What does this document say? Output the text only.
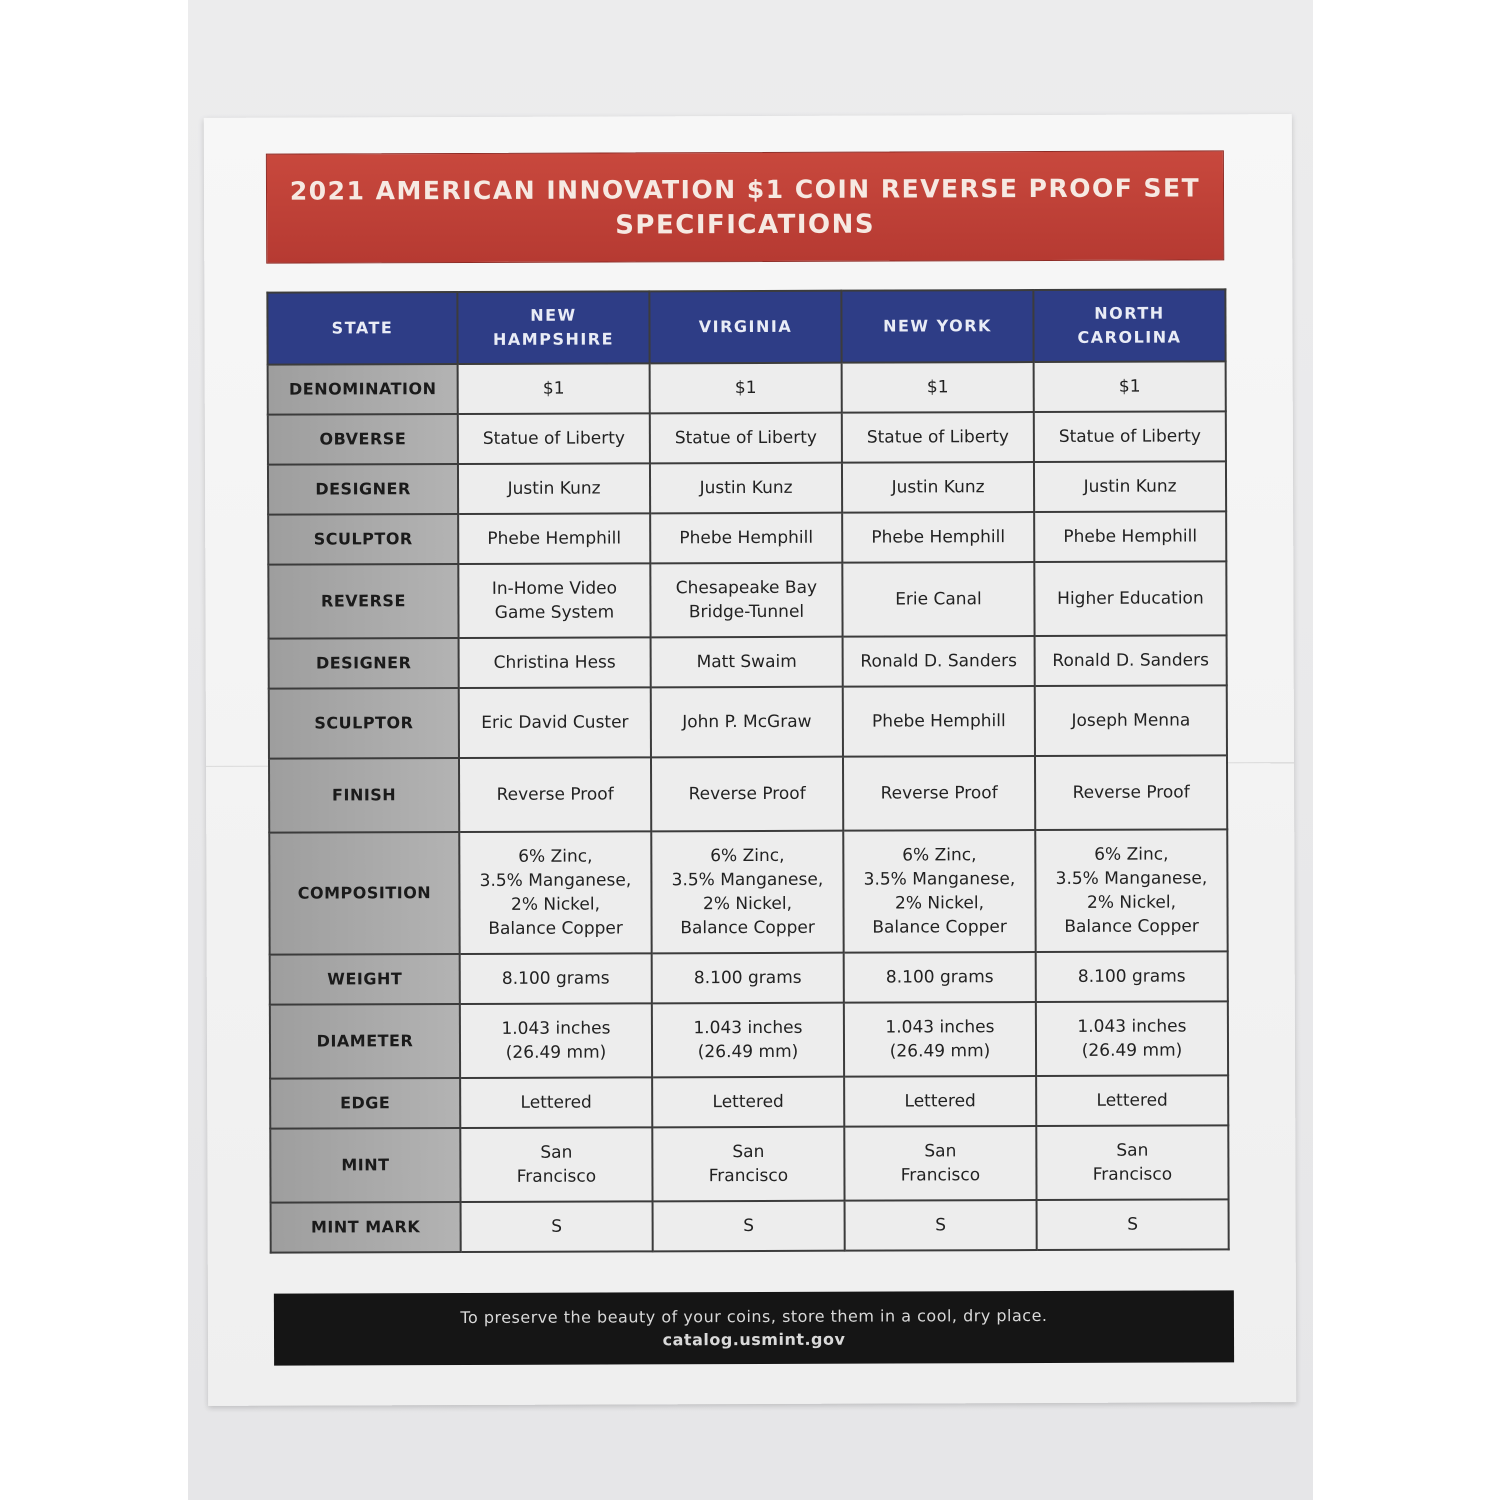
2021 AMERICAN INNOVATION $1 COIN REVERSE PROOF SET
SPECIFICATIONS
STATE	NEW
HAMPSHIRE	VIRGINIA	NEW YORK	NORTH
CAROLINA
DENOMINATION	$1	$1	$1	$1
OBVERSE	Statue of Liberty	Statue of Liberty	Statue of Liberty	Statue of Liberty
DESIGNER	Justin Kunz	Justin Kunz	Justin Kunz	Justin Kunz
SCULPTOR	Phebe Hemphill	Phebe Hemphill	Phebe Hemphill	Phebe Hemphill
REVERSE	In-Home Video
Game System	Chesapeake Bay
Bridge-Tunnel	Erie Canal	Higher Education
DESIGNER	Christina Hess	Matt Swaim	Ronald D. Sanders	Ronald D. Sanders
SCULPTOR	Eric David Custer	John P. McGraw	Phebe Hemphill	Joseph Menna
FINISH	Reverse Proof	Reverse Proof	Reverse Proof	Reverse Proof
COMPOSITION	6% Zinc,
3.5% Manganese,
2% Nickel,
Balance Copper	6% Zinc,
3.5% Manganese,
2% Nickel,
Balance Copper	6% Zinc,
3.5% Manganese,
2% Nickel,
Balance Copper	6% Zinc,
3.5% Manganese,
2% Nickel,
Balance Copper
WEIGHT	8.100 grams	8.100 grams	8.100 grams	8.100 grams
DIAMETER	1.043 inches
(26.49 mm)	1.043 inches
(26.49 mm)	1.043 inches
(26.49 mm)	1.043 inches
(26.49 mm)
EDGE	Lettered	Lettered	Lettered	Lettered
MINT	San
Francisco	San
Francisco	San
Francisco	San
Francisco
MINT MARK	S	S	S	S
To preserve the beauty of your coins, store them in a cool, dry place.
catalog.usmint.gov
